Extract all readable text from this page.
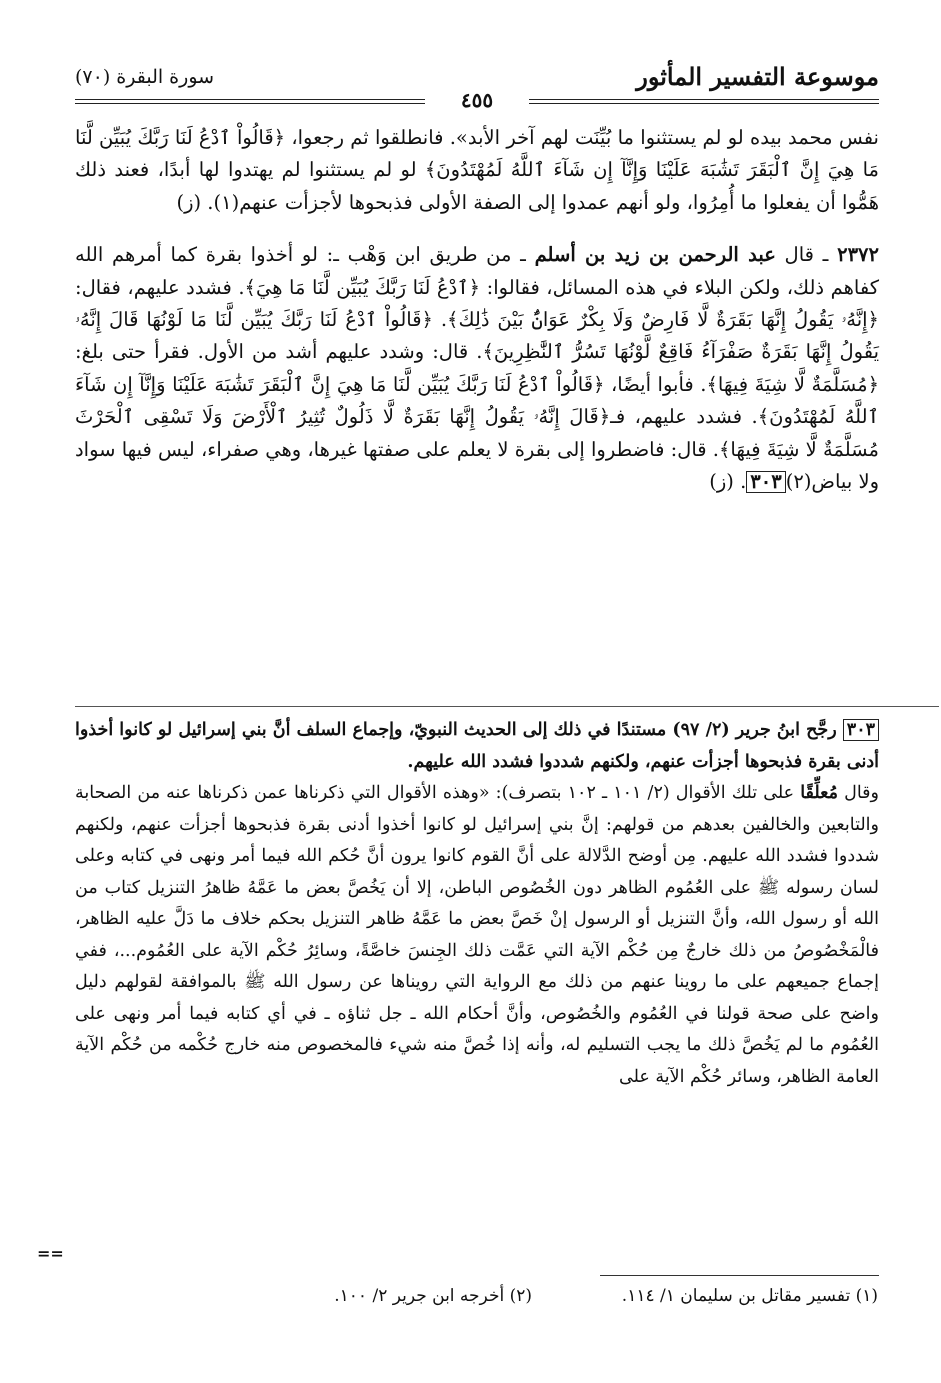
موسوعة التفسير المأثور
سورة البقرة (٧٠)
٤٥٥

نفس محمد بيده لو لم يستثنوا ما بُيِّنَت لهم آخر الأبد». فانطلقوا ثم رجعوا، ﴿قَالُواْ ٱدْعُ لَنَا رَبَّكَ يُبَيِّن لَّنَا مَا هِيَ إِنَّ ٱلْبَقَرَ تَشَٰبَهَ عَلَيْنَا وَإِنَّآ إِن شَآءَ ٱللَّهُ لَمُهْتَدُونَ﴾ لو لم يستثنوا لم يهتدوا لها أبدًا، فعند ذلك هَمُّوا أن يفعلوا ما أُمِرُوا، ولو أنهم عمدوا إلى الصفة الأولى فذبحوها لأجزأت عنهم(١). (ز)

٢٣٧٢ ـ قال عبد الرحمن بن زيد بن أسلم ـ من طريق ابن وَهْب ـ: لو أخذوا بقرة كما أمرهم الله كفاهم ذلك، ولكن البلاء في هذه المسائل، فقالوا: ﴿ٱدْعُ لَنَا رَبَّكَ يُبَيِّن لَّنَا مَا هِيَ﴾. فشدد عليهم، فقال: ﴿إِنَّهُۥ يَقُولُ إِنَّهَا بَقَرَةٌ لَّا فَارِضٌ وَلَا بِكْرٌ عَوَانٌۢ بَيْنَ ذَٰلِكَ﴾. ﴿قَالُواْ ٱدْعُ لَنَا رَبَّكَ يُبَيِّن لَّنَا مَا لَوْنُهَا قَالَ إِنَّهُۥ يَقُولُ إِنَّهَا بَقَرَةٌ صَفْرَآءُ فَاقِعٌ لَّوْنُهَا تَسُرُّ ٱلنَّٰظِرِينَ﴾. قال: وشدد عليهم أشد من الأول. فقرأ حتى بلغ: ﴿مُسَلَّمَةٌ لَّا شِيَةَ فِيهَا﴾. فأبوا أيضًا، ﴿قَالُواْ ٱدْعُ لَنَا رَبَّكَ يُبَيِّن لَّنَا مَا هِيَ إِنَّ ٱلْبَقَرَ تَشَٰبَهَ عَلَيْنَا وَإِنَّآ إِن شَآءَ ٱللَّهُ لَمُهْتَدُونَ﴾. فشدد عليهم، فـ﴿قَالَ إِنَّهُۥ يَقُولُ إِنَّهَا بَقَرَةٌ لَّا ذَلُولٌ تُثِيرُ ٱلْأَرْضَ وَلَا تَسْقِى ٱلْحَرْثَ مُسَلَّمَةٌ لَّا شِيَةَ فِيهَا﴾. قال: فاضطروا إلى بقرة لا يعلم على صفتها غيرها، وهي صفراء، ليس فيها سواد ولا بياض(٢)٣٠٣. (ز)

٣٠٣ رجَّح ابنُ جرير (٢/ ٩٧) مستندًا في ذلك إلى الحديث النبويّ، وإجماع السلف أنَّ بني إسرائيل لو كانوا أخذوا أدنى بقرة فذبحوها أجزأت عنهم، ولكنهم شددوا فشدد الله عليهم.

وقال مُعلِّقًا على تلك الأقوال (٢/ ١٠١ ـ ١٠٢ بتصرف): «وهذه الأقوال التي ذكرناها عمن ذكرناها عنه من الصحابة والتابعين والخالفين بعدهم من قولهم: إنَّ بني إسرائيل لو كانوا أخذوا أدنى بقرة فذبحوها أجزأت عنهم، ولكنهم شددوا فشدد الله عليهم. مِن أوضح الدَّلالة على أنَّ القوم كانوا يرون أنَّ حُكم الله فيما أمر ونهى في كتابه وعلى لسان رسوله ﷺ على العُمُوم الظاهر دون الخُصُوص الباطن، إلا أن يَخُصَّ بعض ما عَمَّهُ ظاهرُ التنزيل كتاب من الله أو رسول الله، وأنَّ التنزيل أو الرسول إنْ خَصَّ بعض ما عَمَّهُ ظاهر التنزيل بحكم خلاف ما دَلَّ عليه الظاهر، فالْمَخْصُوصُ من ذلك خارجٌ مِن حُكْم الآية التي عَمَّت ذلك الجِنسَ خاصَّةً، وسائِرُ حُكْم الآية على العُمُوم...، ففي إجماع جميعهم على ما روينا عنهم من ذلك مع الرواية التي رويناها عن رسول الله ﷺ بالموافقة لقولهم دليل واضح على صحة قولنا في العُمُوم والخُصُوص، وأنَّ أحكام الله ـ جل ثناؤه ـ في أي كتابه فيما أمر ونهى على العُمُوم ما لم يَخُصَّ ذلك ما يجب التسليم له، وأنه إذا خُصَّ منه شيء فالمخصوص منه خارج حُكْمه من حُكْم الآية العامة الظاهر، وسائر حُكْم الآية على

==
(١) تفسير مقاتل بن سليمان ١/ ١١٤.
(٢) أخرجه ابن جرير ٢/ ١٠٠.
